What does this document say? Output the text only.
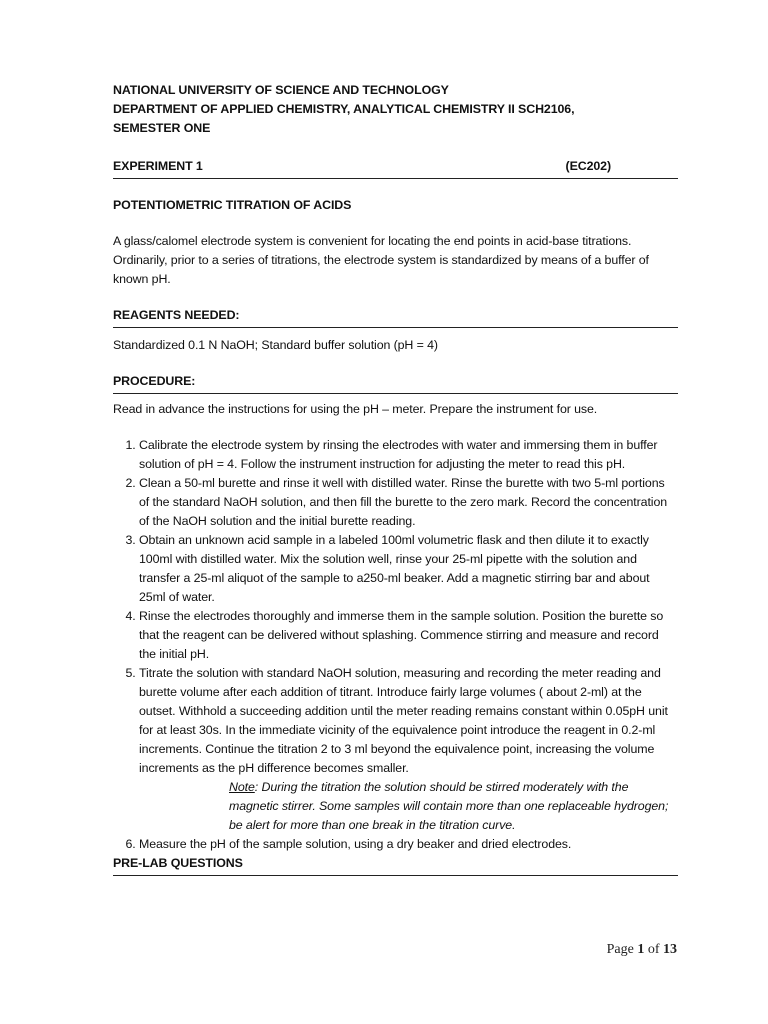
NATIONAL UNIVERSITY OF SCIENCE AND TECHNOLOGY
DEPARTMENT OF APPLIED CHEMISTRY, ANALYTICAL CHEMISTRY II SCH2106,
SEMESTER ONE
EXPERIMENT 1	(EC202)
POTENTIOMETRIC TITRATION OF ACIDS

A glass/calomel electrode system is convenient for locating the end points in acid-base titrations. Ordinarily, prior to a series of titrations, the electrode system is standardized by means of a buffer of known pH.

REAGENTS NEEDED:

Standardized 0.1 N NaOH; Standard buffer solution (pH = 4)

PROCEDURE:

Read in advance the instructions for using the pH – meter. Prepare the instrument for use.

1. Calibrate the electrode system by rinsing the electrodes with water and immersing them in buffer solution of pH = 4. Follow the instrument instruction for adjusting the meter to read this pH.
2. Clean a 50-ml burette and rinse it well with distilled water. Rinse the burette with two 5-ml portions of the standard NaOH solution, and then fill the burette to the zero mark. Record the concentration of the NaOH solution and the initial burette reading.
3. Obtain an unknown acid sample in a labeled 100ml volumetric flask and then dilute it to exactly 100ml with distilled water. Mix the solution well, rinse your 25-ml pipette with the solution and transfer a 25-ml aliquot of the sample to a250-ml beaker. Add a magnetic stirring bar and about 25ml of water.
4. Rinse the electrodes thoroughly and immerse them in the sample solution. Position the burette so that the reagent can be delivered without splashing. Commence stirring and measure and record the initial pH.
5. Titrate the solution with standard NaOH solution, measuring and recording the meter reading and burette volume after each addition of titrant. Introduce fairly large volumes ( about 2-ml) at the outset. Withhold a succeeding addition until the meter reading remains constant within 0.05pH unit for at least 30s. In the immediate vicinity of the equivalence point introduce the reagent in 0.2-ml increments. Continue the titration 2 to 3 ml beyond the equivalence point, increasing the volume increments as the pH difference becomes smaller.
Note: During the titration the solution should be stirred moderately with the magnetic stirrer. Some samples will contain more than one replaceable hydrogen; be alert for more than one break in the titration curve.
6. Measure the pH of the sample solution, using a dry beaker and dried electrodes.
PRE-LAB QUESTIONS
Page 1 of 13
